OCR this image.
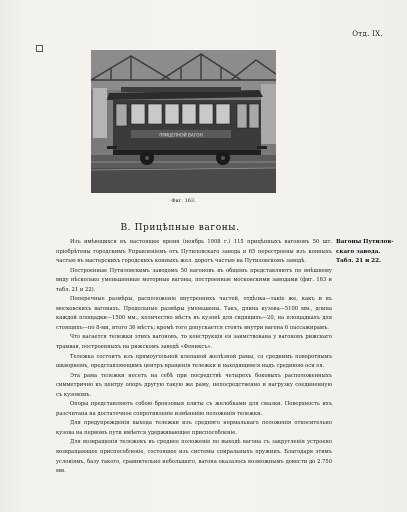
Отд. IX.
ПРИЦЕПНОЙ ВАГОН
Фиг. 163.
B. Прицѣпные вагоны.
Вагоны Путилов-
скаго завода.
Табл. 21 и 22.

Изъ имѣющихся въ настоящее время (ноябрь 1908 г.) 115 прицѣпныхъ вагоновъ 50 шт. пріобрѣтены городскимъ Управленіемъ отъ Путиловскаго завода и 65 перестроены изъ конныхъ частью въ мастерскихъ городскихъ конныхъ жел. дорогъ частью на Путиловскомъ заводѣ.

Построенные Путиловскимъ заводомъ 50 вагоновъ въ общемъ представляютъ по внѣшнему виду нѣсколько уменьшенные моторные вагоны, построенные московскими заводами (фиг. 163 и табл. 21 и 22).

Поперечные размѣры, расположеніе внутреннихъ частей, отдѣлка—такіе же, какъ и въ московскихъ вагонахъ. Продольные размѣры уменьшены. Такъ, длина кузова—5100 мм., длина каждой площадки—1500 мм., количество мѣстъ въ кузовѣ для сидящихъ—20, на площадкахъ для стоящихъ—по 8-ми, итого 36 мѣстъ; кромѣ того допускается стоять внутри вагона 6 пассажирамъ.

Что касается тележки этихъ вагоновъ, то конструкція ея заимствована у вагоновъ рижскаго трамвая, построенныхъ на рижскомъ заводѣ «Фениксъ».

Тележка состоитъ изъ прямоугольной клепаной желѣзной рамы, со среднимъ поворотнымъ шкворнемъ, представляющимъ центръ вращенія тележки и находящимся надъ срединою оси ея.

Эта рама тележки несетъ на себѣ при посредствѣ четырехъ боковыхъ расположенныхъ симметрично къ центру опоръ другую такую же раму, непосредственно и нагрузку соединенную съ кузовомъ.

Опоры представляютъ собою бронзовыя плиты съ желобками для смазки. Поверхность ихъ разсчитана на достаточное сопротивленіе измѣненію положенія тележки.

Для предупрежденія выхода тележки изъ средняго нормальнаго положенія относительно кузова на первомъ пути имѣется удерживающее приспособленіе.

Для возвращенія тележекъ въ среднее положеніе по выходѣ вагона съ закругленія устроено возвращающее приспособленіе, состоящее изъ системы спиральныхъ пружинъ. Благодаря этимъ условіямъ, базу такого, сравнительно небольшого, вагона оказалось возможнымъ довести до 2.750 мм.
